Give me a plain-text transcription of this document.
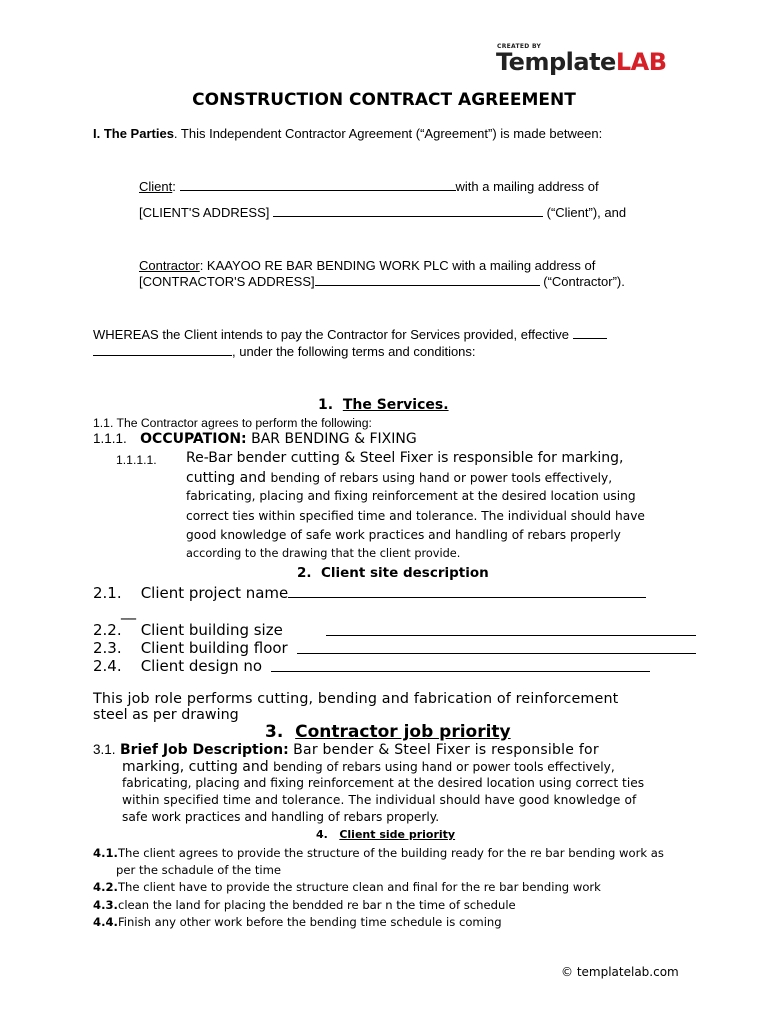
CREATED BY
TemplateLAB
CONSTRUCTION CONTRACT AGREEMENT
I. The Parties. This Independent Contractor Agreement (“Agreement”) is made between:
Client:	with a mailing address of
[CLIENT'S ADDRESS]	(“Client”), and
Contractor: KAAYOO RE BAR BENDING WORK PLC with a mailing address of
[CONTRACTOR'S ADDRESS]	(“Contractor”).
WHEREAS the Client intends to pay the Contractor for Services provided, effective
, under the following terms and conditions:
1. The Services.
1.1. The Contractor agrees to perform the following:
1.1.1. OCCUPATION: BAR BENDING & FIXING
1.1.1.1. Re-Bar bender cutting & Steel Fixer is responsible for marking,
cutting and bending of rebars using hand or power tools effectively,
fabricating, placing and fixing reinforcement at the desired location using
correct ties within specified time and tolerance. The individual should have
good knowledge of safe work practices and handling of rebars properly
according to the drawing that the client provide.
2. Client site description
2.1. Client project name
__
2.2. Client building size
2.3. Client building floor
2.4. Client design no
This job role performs cutting, bending and fabrication of reinforcement
steel as per drawing
3. Contractor job priority
3.1. Brief Job Description: Bar bender & Steel Fixer is responsible for
marking, cutting and bending of rebars using hand or power tools effectively,
fabricating, placing and fixing reinforcement at the desired location using correct ties
within specified time and tolerance. The individual should have good knowledge of
safe work practices and handling of rebars properly.
4. Client side priority
4.1.The client agrees to provide the structure of the building ready for the re bar bending work as
per the schadule of the time
4.2.The client have to provide the structure clean and final for the re bar bending work
4.3.clean the land for placing the bendded re bar n the time of schedule
4.4.Finish any other work before the bending time schedule is coming
© templatelab.com
